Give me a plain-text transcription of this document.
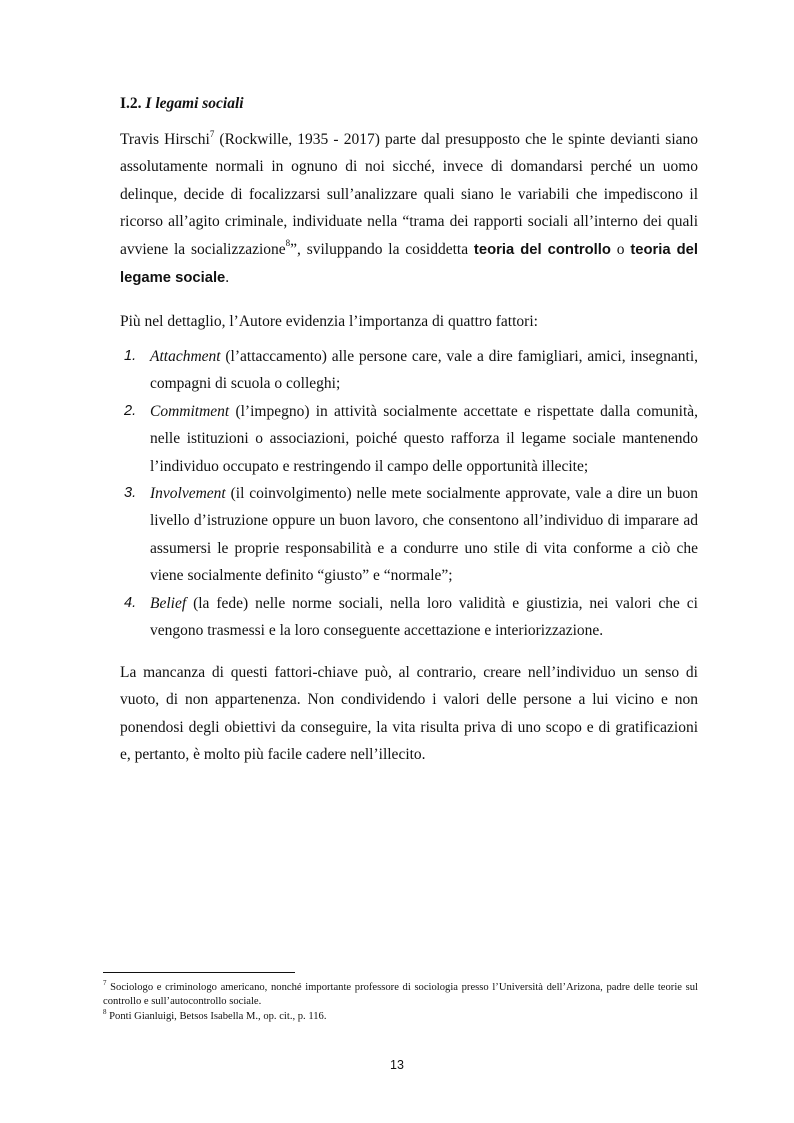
I.2. I legami sociali

Travis Hirschi$^7$ (Rockwille, 1935 - 2017) parte dal presupposto che le spinte devianti siano assolutamente normali in ognuno di noi sicché, invece di domandarsi perché un uomo delinque, decide di focalizzarsi sull’analizzare quali siano le variabili che impediscono il ricorso all’agito criminale, individuate nella “trama dei rapporti sociali all’interno dei quali avviene la socializzazione$^8$”, sviluppando la cosiddetta teoria del controllo o teoria del legame sociale.

Più nel dettaglio, l’Autore evidenzia l’importanza di quattro fattori:

1. Attachment (l’attaccamento) alle persone care, vale a dire famigliari, amici, insegnanti, compagni di scuola o colleghi;
2. Commitment (l’impegno) in attività socialmente accettate e rispettate dalla comunità, nelle istituzioni o associazioni, poiché questo rafforza il legame sociale mantenendo l’individuo occupato e restringendo il campo delle opportunità illecite;
3. Involvement (il coinvolgimento) nelle mete socialmente approvate, vale a dire un buon livello d’istruzione oppure un buon lavoro, che consentono all’individuo di imparare ad assumersi le proprie responsabilità e a condurre uno stile di vita conforme a ciò che viene socialmente definito “giusto” e “normale”;
4. Belief (la fede) nelle norme sociali, nella loro validità e giustizia, nei valori che ci vengono trasmessi e la loro conseguente accettazione e interiorizzazione.

La mancanza di questi fattori-chiave può, al contrario, creare nell’individuo un senso di vuoto, di non appartenenza. Non condividendo i valori delle persone a lui vicino e non ponendosi degli obiettivi da conseguire, la vita risulta priva di uno scopo e di gratificazioni e, pertanto, è molto più facile cadere nell’illecito.

$^7$ Sociologo e criminologo americano, nonché importante professore di sociologia presso l’Università dell’Arizona, padre delle teorie sul controllo e sull’autocontrollo sociale.

$^8$ Ponti Gianluigi, Betsos Isabella M., op. cit., p. 116.

13
